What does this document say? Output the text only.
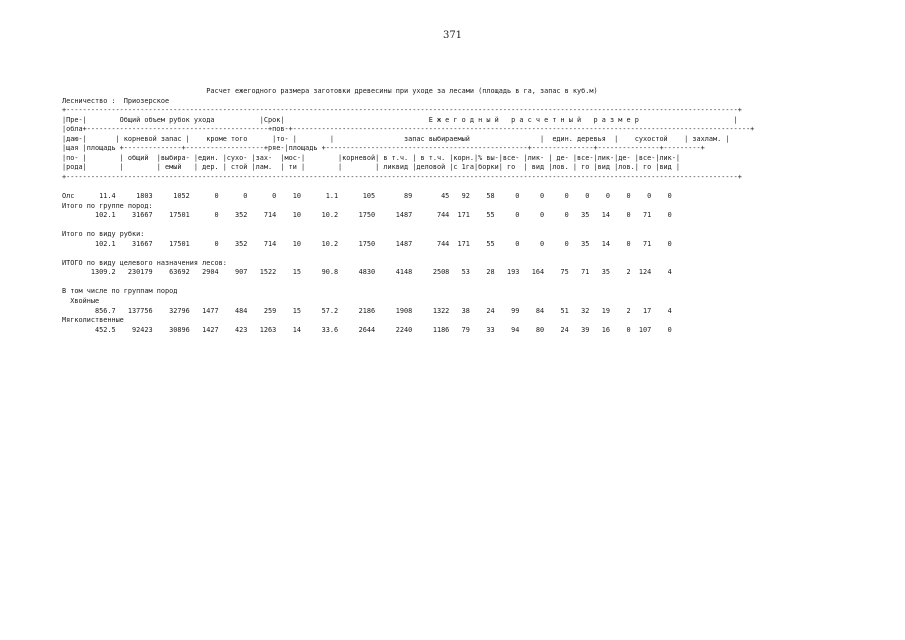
371
Расчет ежегодного размера заготовки древесины при уходе за лесами (площадь в га, запас в куб.м)
Лесничество :  Приозерское
+-------------------------------------------------------------------------------------------------------------------------------------------------------------------+
|Пре-|        Общий объем рубок ухода           |Срок|                                   Е ж е г о д н ы й   р а с ч е т н ы й   р а з м е р                       |
|обла+--------------------------------------------+пов-+---------------------------------------------------------------------------------------------------------------+
|даю-|       | корневой запас |    кроме того      |то- |        |                 запас выбираемый                 |  един. деревья  |    сухостой    | захлам. |
|щая |площадь +--------------+-------------------+ряе-|площадь +-------------------------------------------------+---------------+---------------+---------+
|по- |        | общий  |выбира- |един. |сухо- |зах-  |мос-|        |корневой| в т.ч. | в т.ч. |корн.|% вы-|все- |лик- | де- |все-|лик-|де- |все-|лик-|
|рода|        |        | емый   | дер. | стой |лам.  | ти |        |        | ликвид |деловой |с 1га|борки| го  | вид |лов. | го |вид |лов.| го |вид |
+-------------------------------------------------------------------------------------------------------------------------------------------------------------------+
Олс      11.4     1803     1052      0      0      0    10      1.1      105       89       45   92    58     0     0     0    0    0    0    0    0
Итого по группе пород:
102.1    31667    17501      0    352    714    10     10.2     1750     1487      744  171    55     0     0     0   35   14    0   71    0
Итого по виду рубки:
102.1    31667    17501      0    352    714    10     10.2     1750     1487      744  171    55     0     0     0   35   14    0   71    0
ИТОГО по виду целевого назначения лесов:
1309.2   230179    63692   2904    907   1522    15     90.8     4830     4148     2508   53    28   193   164    75   71   35    2  124    4
В том числе по группам пород
Хвойные
856.7   137756    32796   1477    484    259    15     57.2     2186     1908     1322   38    24    99    84    51   32   19    2   17    4
Мягколиственные
452.5    92423    30896   1427    423   1263    14     33.6     2644     2240     1186   79    33    94    80    24   39   16    0  107    0
